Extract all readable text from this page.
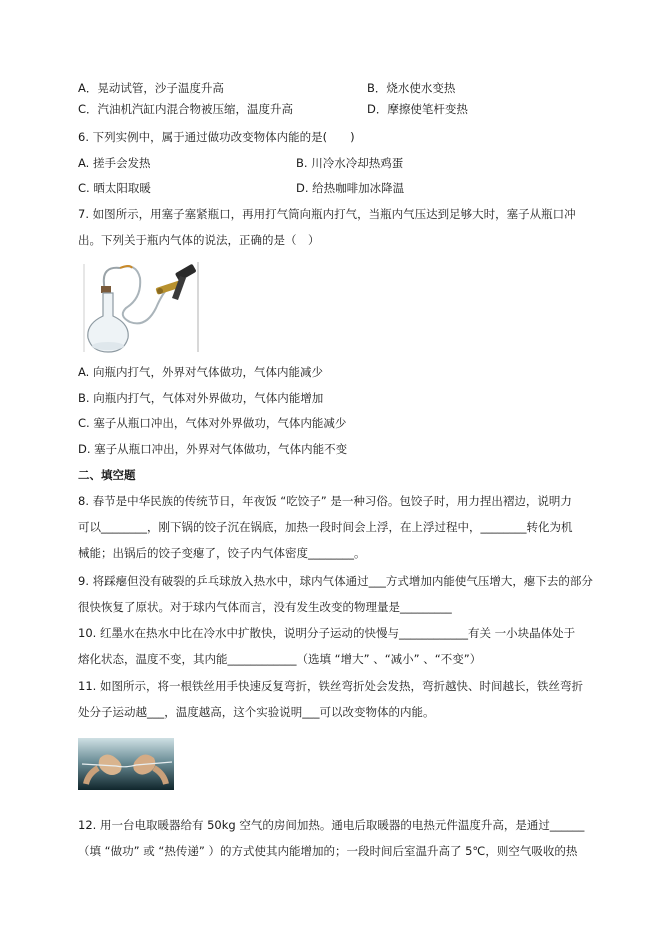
A．晃动试管，沙子温度升高	B．烧水使水变热
C．汽油机汽缸内混合物被压缩，温度升高	D．摩擦使笔杆变热
6. 下列实例中，属于通过做功改变物体内能的是(　　)
A. 搓手会发热	B. 川冷水冷却热鸡蛋
C. 晒太阳取暖	D. 给热咖啡加冰降温
7. 如图所示，用塞子塞紧瓶口，再用打气筒向瓶内打气，当瓶内气压达到足够大时，塞子从瓶口冲
出。下列关于瓶内气体的说法，正确的是（　）
A. 向瓶内打气，外界对气体做功，气体内能减少
B. 向瓶内打气，气体对外界做功，气体内能增加
C. 塞子从瓶口冲出，气体对外界做功，气体内能减少
D. 塞子从瓶口冲出，外界对气体做功，气体内能不变
二、填空题
8. 春节是中华民族的传统节日，年夜饭 “吃饺子” 是一种习俗。包饺子时，用力捏出褶边，说明力
可以________，刚下锅的饺子沉在锅底，加热一段时间会上浮，在上浮过程中，________转化为机
械能；出锅后的饺子变瘪了，饺子内气体密度________。
9. 将踩瘪但没有破裂的乒乓球放入热水中，球内气体通过___方式增加内能使气压增大，瘪下去的部分
很快恢复了原状。对于球内气体而言，没有发生改变的物理量是_________
10. 红墨水在热水中比在冷水中扩散快，说明分子运动的快慢与____________有关 一小块晶体处于
熔化状态，温度不变，其内能____________（选填 “增大” 、“减小” 、“不变”）
11. 如图所示，将一根铁丝用手快速反复弯折，铁丝弯折处会发热，弯折越快、时间越长，铁丝弯折
处分子运动越___，温度越高，这个实验说明___可以改变物体的内能。
12. 用一台电取暖器给有 50kg 空气的房间加热。通电后取暖器的电热元件温度升高，是通过______
（填 “做功” 或 “热传递” ）的方式使其内能增加的；一段时间后室温升高了 5℃，则空气吸收的热
